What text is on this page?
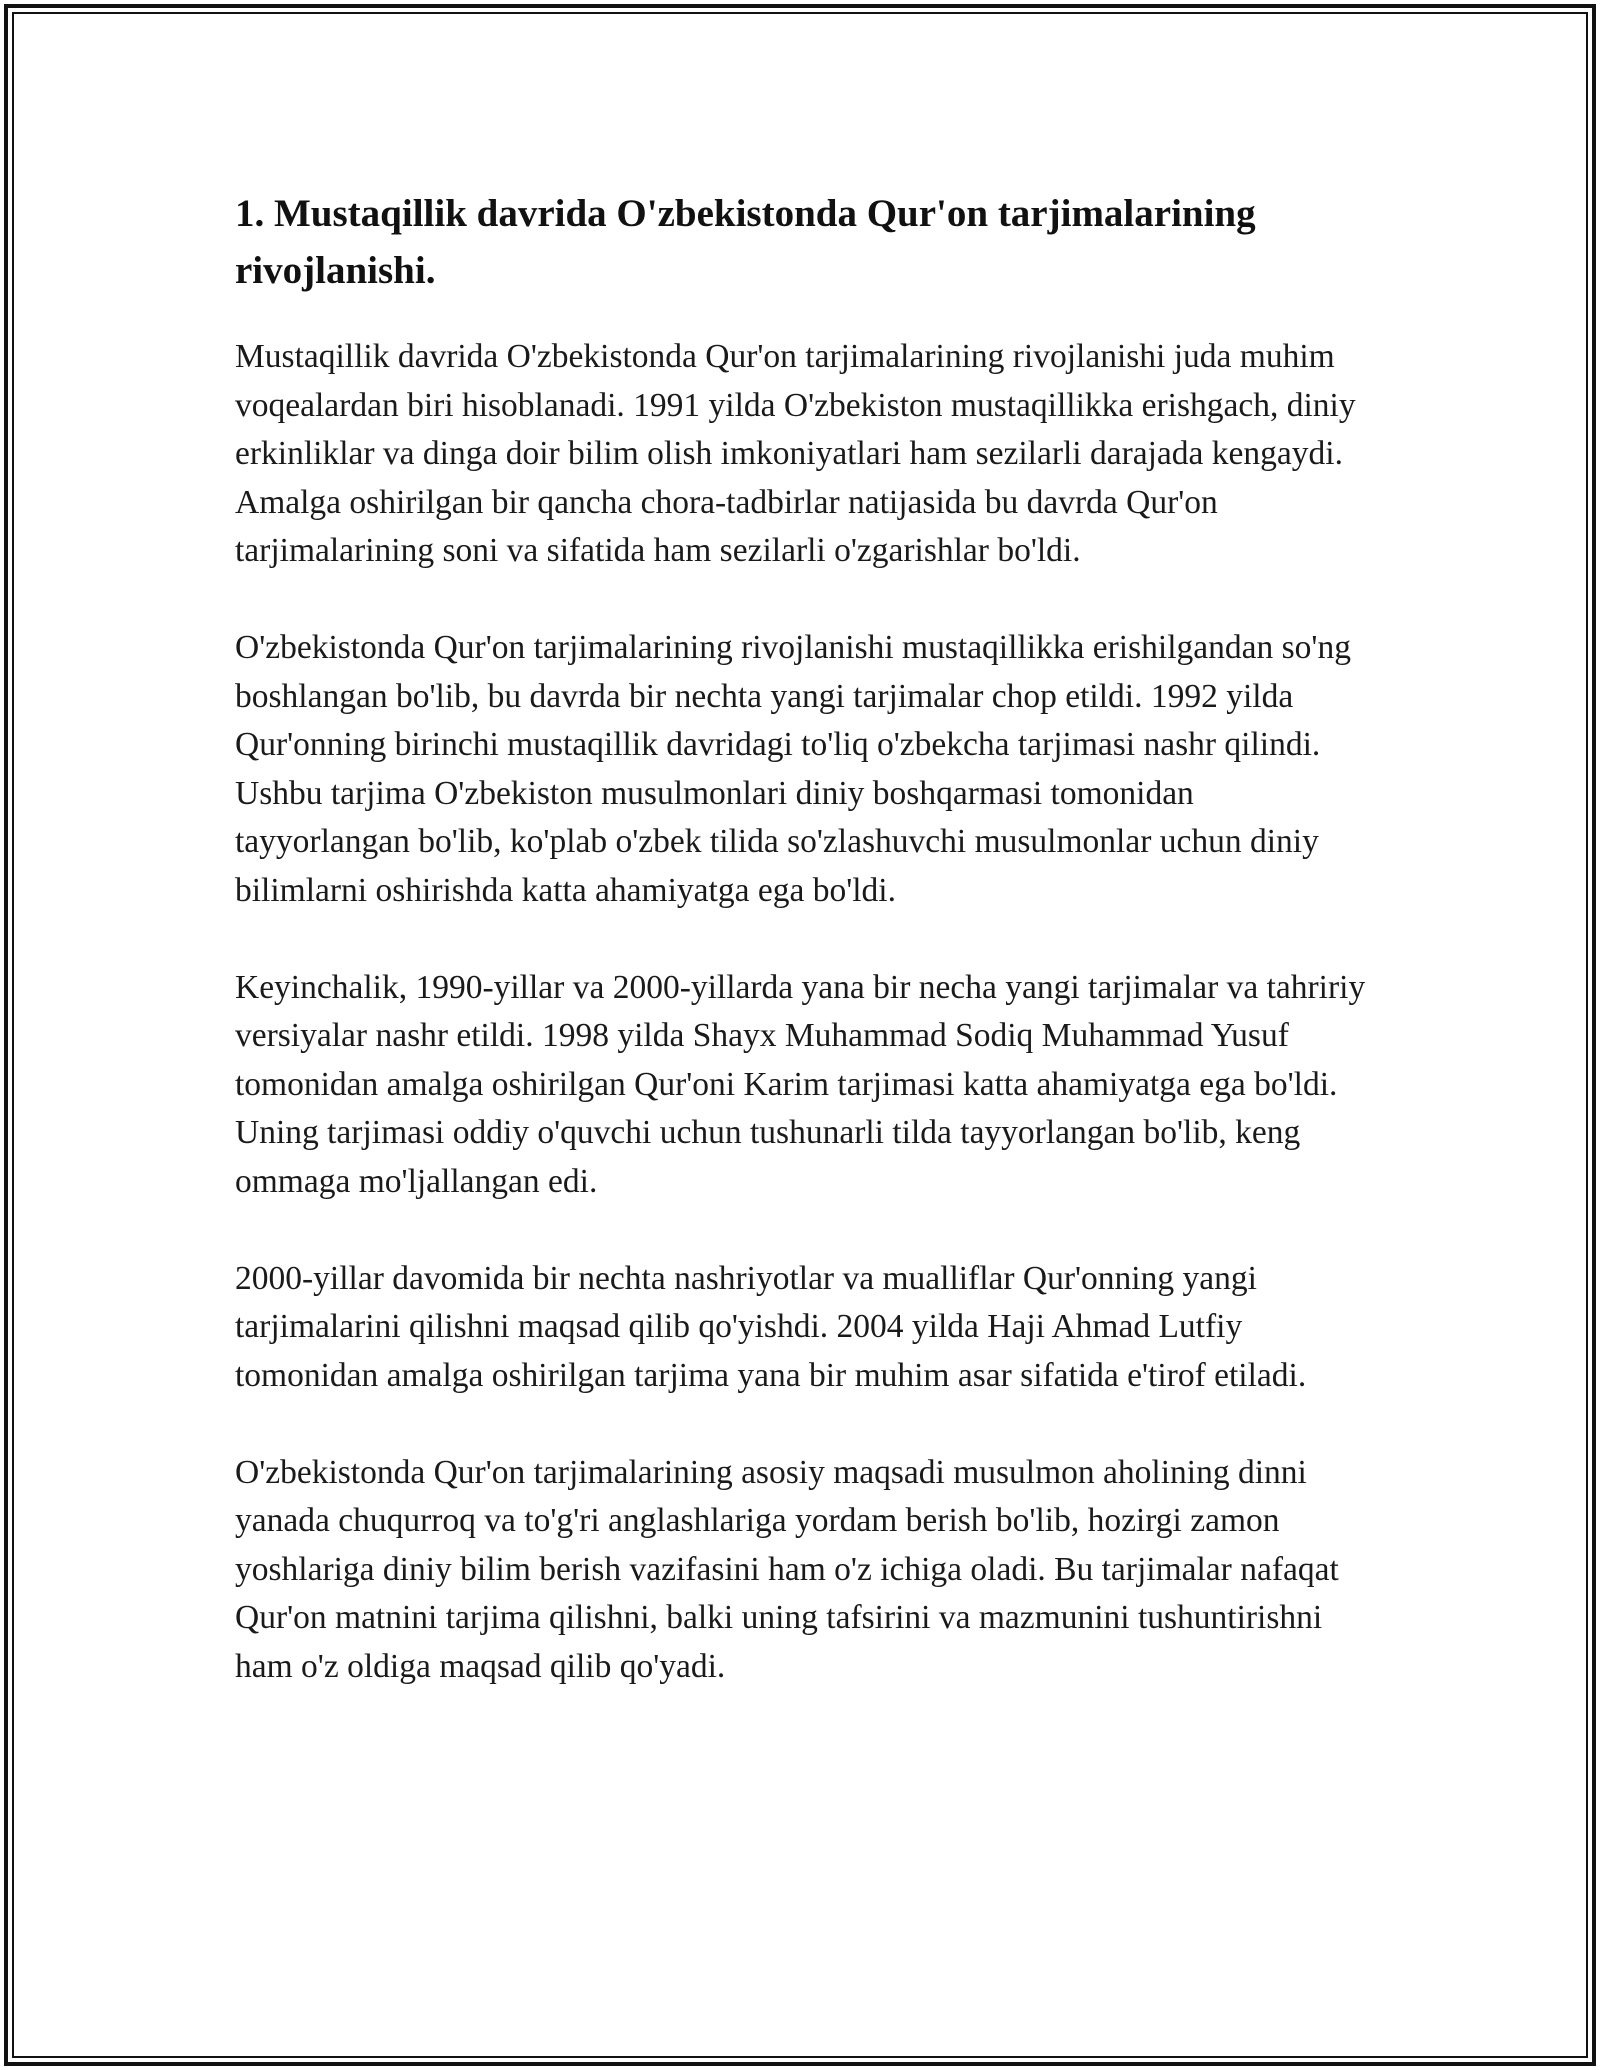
1. Mustaqillik davrida O'zbekistonda Qur'on tarjimalarining rivojlanishi.

Mustaqillik davrida O'zbekistonda Qur'on tarjimalarining rivojlanishi juda muhim voqealardan biri hisoblanadi. 1991 yilda O'zbekiston mustaqillikka erishgach, diniy erkinliklar va dinga doir bilim olish imkoniyatlari ham sezilarli darajada kengaydi. Amalga oshirilgan bir qancha chora-tadbirlar natijasida bu davrda Qur'on tarjimalarining soni va sifatida ham sezilarli o'zgarishlar bo'ldi.

O'zbekistonda Qur'on tarjimalarining rivojlanishi mustaqillikka erishilgandan so'ng boshlangan bo'lib, bu davrda bir nechta yangi tarjimalar chop etildi. 1992 yilda Qur'onning birinchi mustaqillik davridagi to'liq o'zbekcha tarjimasi nashr qilindi. Ushbu tarjima O'zbekiston musulmonlari diniy boshqarmasi tomonidan tayyorlangan bo'lib, ko'plab o'zbek tilida so'zlashuvchi musulmonlar uchun diniy bilimlarni oshirishda katta ahamiyatga ega bo'ldi.

Keyinchalik, 1990-yillar va 2000-yillarda yana bir necha yangi tarjimalar va tahririy versiyalar nashr etildi. 1998 yilda Shayx Muhammad Sodiq Muhammad Yusuf tomonidan amalga oshirilgan Qur'oni Karim tarjimasi katta ahamiyatga ega bo'ldi. Uning tarjimasi oddiy o'quvchi uchun tushunarli tilda tayyorlangan bo'lib, keng ommaga mo'ljallangan edi.

2000-yillar davomida bir nechta nashriyotlar va mualliflar Qur'onning yangi tarjimalarini qilishni maqsad qilib qo'yishdi. 2004 yilda Haji Ahmad Lutfiy tomonidan amalga oshirilgan tarjima yana bir muhim asar sifatida e'tirof etiladi.

O'zbekistonda Qur'on tarjimalarining asosiy maqsadi musulmon aholining dinni yanada chuqurroq va to'g'ri anglashlariga yordam berish bo'lib, hozirgi zamon yoshlariga diniy bilim berish vazifasini ham o'z ichiga oladi. Bu tarjimalar nafaqat Qur'on matnini tarjima qilishni, balki uning tafsirini va mazmunini tushuntirishni ham o'z oldiga maqsad qilib qo'yadi.
